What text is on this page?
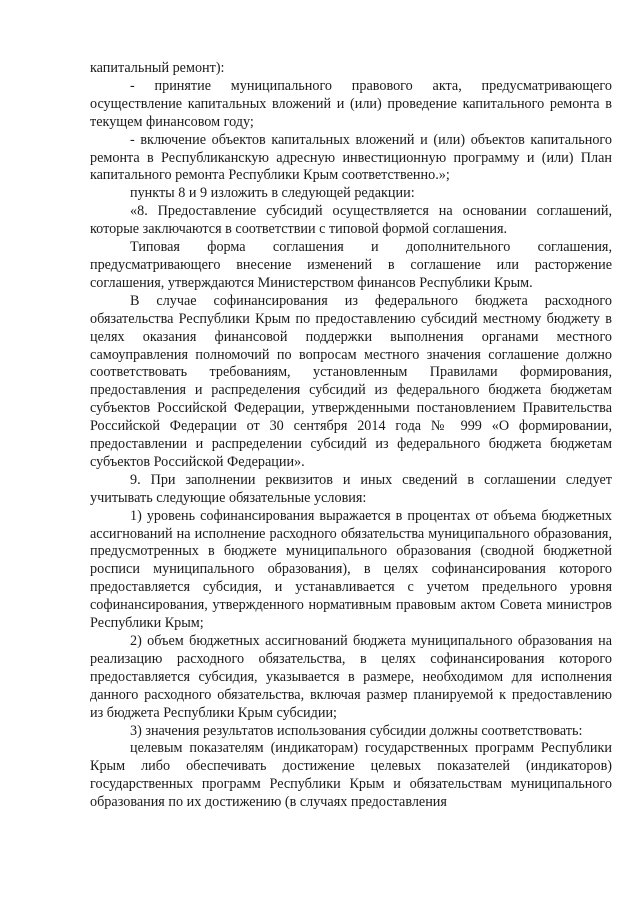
капитальный ремонт):

- принятие муниципального правового акта, предусматривающего осуществление капитальных вложений и (или) проведение капитального ремонта в текущем финансовом году;

- включение объектов капитальных вложений и (или) объектов капитального ремонта в Республиканскую адресную инвестиционную программу и (или) План капитального ремонта Республики Крым соответственно.»;

пункты 8 и 9 изложить в следующей редакции:

«8. Предоставление субсидий осуществляется на основании соглашений, которые заключаются в соответствии с типовой формой соглашения.

Типовая форма соглашения и дополнительного соглашения, предусматривающего внесение изменений в соглашение или расторжение соглашения, утверждаются Министерством финансов Республики Крым.

В случае софинансирования из федерального бюджета расходного обязательства Республики Крым по предоставлению субсидий местному бюджету в целях оказания финансовой поддержки выполнения органами местного самоуправления полномочий по вопросам местного значения соглашение должно соответствовать требованиям, установленным Правилами формирования, предоставления и распределения субсидий из федерального бюджета бюджетам субъектов Российской Федерации, утвержденными постановлением Правительства Российской Федерации от 30 сентября 2014 года № 999 «О формировании, предоставлении и распределении субсидий из федерального бюджета бюджетам субъектов Российской Федерации».

9. При заполнении реквизитов и иных сведений в соглашении следует учитывать следующие обязательные условия:

1) уровень софинансирования выражается в процентах от объема бюджетных ассигнований на исполнение расходного обязательства муниципального образования, предусмотренных в бюджете муниципального образования (сводной бюджетной росписи муниципального образования), в целях софинансирования которого предоставляется субсидия, и устанавливается с учетом предельного уровня софинансирования, утвержденного нормативным правовым актом Совета министров Республики Крым;

2) объем бюджетных ассигнований бюджета муниципального образования на реализацию расходного обязательства, в целях софинансирования которого предоставляется субсидия, указывается в размере, необходимом для исполнения данного расходного обязательства, включая размер планируемой к предоставлению из бюджета Республики Крым субсидии;

3) значения результатов использования субсидии должны соответствовать:

целевым показателям (индикаторам) государственных программ Республики Крым либо обеспечивать достижение целевых показателей (индикаторов) государственных программ Республики Крым и обязательствам муниципального образования по их достижению (в случаях предоставления
